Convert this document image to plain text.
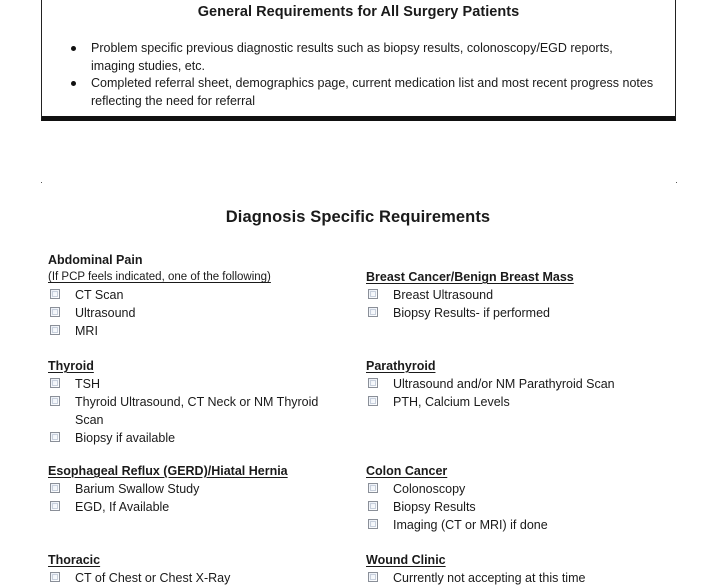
General Requirements for All Surgery Patients
Problem specific previous diagnostic results such as biopsy results, colonoscopy/EGD reports, imaging studies, etc.
Completed referral sheet, demographics page, current medication list and most recent progress notes reflecting the need for referral
Diagnosis Specific Requirements
Abdominal Pain
(If PCP feels indicated, one of the following)
CT Scan
Ultrasound
MRI
Breast Cancer/Benign Breast Mass
Breast Ultrasound
Biopsy Results- if performed
Thyroid
TSH
Thyroid Ultrasound, CT Neck or NM Thyroid Scan
Biopsy if available
Parathyroid
Ultrasound and/or NM Parathyroid Scan
PTH, Calcium Levels
Esophageal Reflux (GERD)/Hiatal Hernia
Barium Swallow Study
EGD, If Available
Colon Cancer
Colonoscopy
Biopsy Results
Imaging (CT or MRI) if done
Thoracic
CT of Chest or Chest X-Ray
Wound Clinic
Currently not accepting at this time
